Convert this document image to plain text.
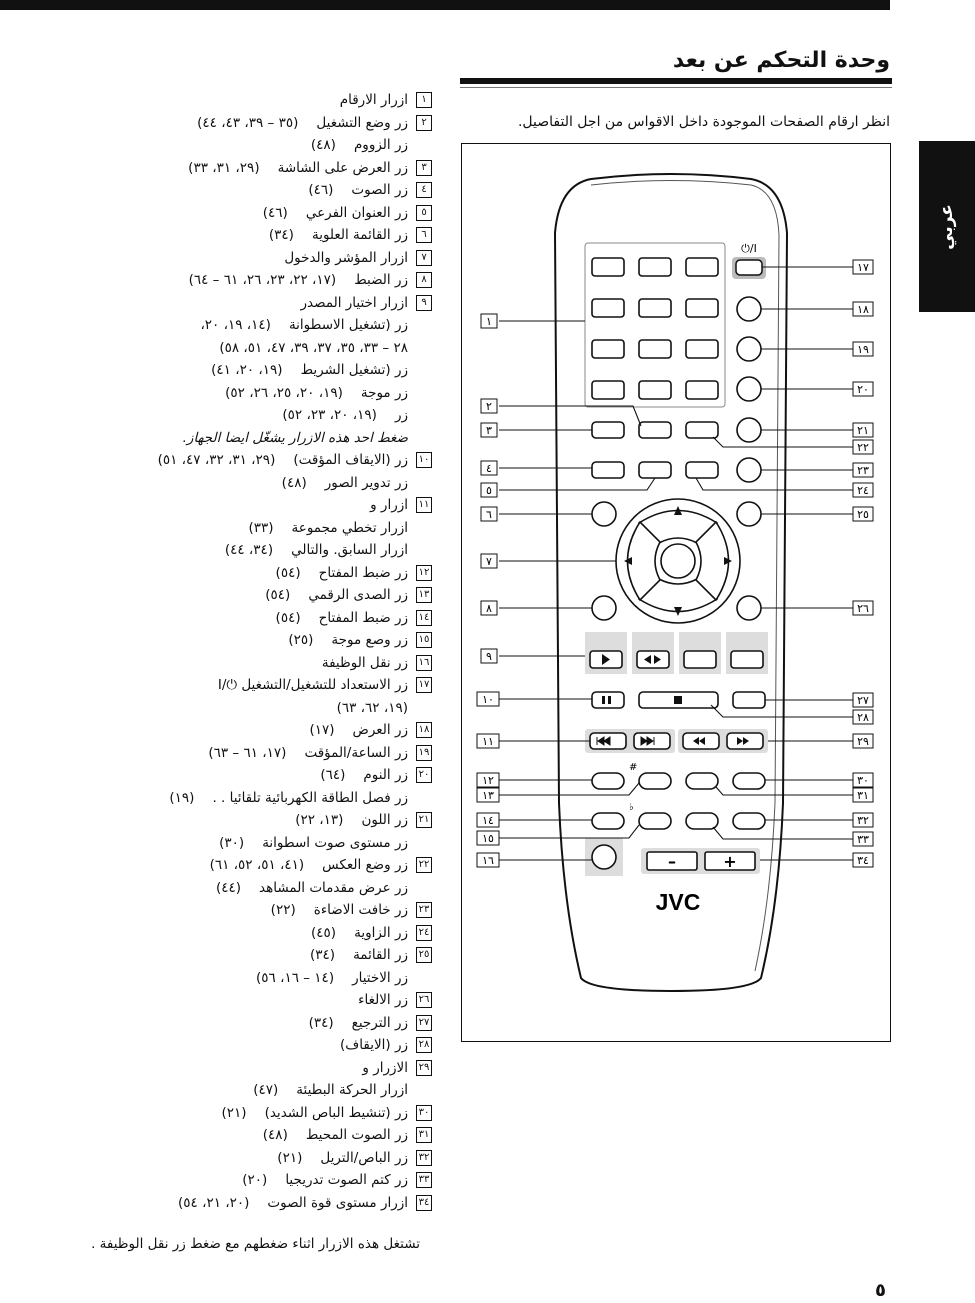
وحدة التحكم عن بعد
انظر ارقام الصفحات الموجودة داخل الاقواس من اجل التفاصيل.
عربي
١
ازرار الارقام
٢
زر وضع التشغيل
(٣٥ – ٣٩، ٤٣، ٤٤)
زر الزووم
(٤٨)
٣
زر العرض على الشاشة
(٢٩، ٣١، ٣٣)
٤
زر الصوت
(٤٦)
٥
زر العنوان الفرعي
(٤٦)
٦
زر القائمة العلوية
(٣٤)
٧
ازرار المؤشر والدخول
٨
زر الضبط
(١٧، ٢٢، ٢٣، ٢٦، ٦١ – ٦٤)
٩
ازرار اختيار المصدر
زر (تشغيل الاسطوانة
(١٤، ١٩، ٢٠،
٢٨ – ٣٣، ٣٥، ٣٧، ٣٩، ٤٧، ٥١، ٥٨)
زر (تشغيل الشريط
(١٩، ٢٠، ٤١)
زر موجة
(١٩، ٢٠، ٢٥، ٢٦، ٥٢)
زر
(١٩، ٢٠، ٢٣، ٥٢)
ضغط احد هذه الازرار يشغّل ايضا الجهاز.
١٠
زر (الايقاف المؤقت)
(٢٩، ٣١، ٣٢، ٤٧، ٥١)
زر تدوير الصور
(٤٨)
١١
ازرار و
ازرار تخطي مجموعة
(٣٣)
ازرار السابق. والتالي
(٣٤، ٤٤)
١٢
زر ضبط المفتاح
(٥٤)
١٣
زر الصدى الرقمي
(٥٤)
١٤
زر ضبط المفتاح
(٥٤)
١٥
زر وصع موجة
(٢٥)
١٦
زر نقل الوظيفة
١٧
زر الاستعداد للتشغيل/التشغيل ⏻/I
(١٩، ٦٢، ٦٣)
١٨
زر العرض
(١٧)
١٩
زر الساعة/المؤقت
(١٧، ٦١ – ٦٣)
٢٠
زر النوم
(٦٤)
زر فصل الطاقة الكهربائية تلقائيا . .
(١٩)
٢١
زر اللون
(١٣، ٢٢)
زر مستوى صوت اسطوانة
(٣٠)
٢٢
زر وضع العكس
(٤١، ٥١، ٥٢، ٦١)
زر عرض مقدمات المشاهد
(٤٤)
٢٣
زر خافت الاضاءة
(٢٢)
٢٤
زر الزاوية
(٤٥)
٢٥
زر القائمة
(٣٤)
زر الاختيار
(١٤ – ١٦، ٥٦)
٢٦
زر الالغاء
٢٧
زر الترجيع
(٣٤)
٢٨
زر (الايقاف)
٢٩
الازرار و
ازرار الحركة البطيئة
(٤٧)
٣٠
زر (تنشيط الباص الشديد)
(٢١)
٣١
زر الصوت المحيط
(٤٨)
٣٢
زر الباص/التريل
(٢١)
٣٣
زر كتم الصوت تدريجيا
(٢٠)
٣٤
ازرار مستوى قوة الصوت
(٢٠، ٢١، ٥٤)
تشتغل هذه الازرار اثناء ضغطهم مع ضغط زر نقل الوظيفة .
٥
⏻/I
#
♭
–	+
JVC
١
٢
٣
٤
٥
٦
٧
٨
٩
١٠
١١
١٢
١٣
١٤
١٥
١٦
١٧
١٨
١٩
٢٠
٢١
٢٢
٢٣
٢٤
٢٥
٢٦
٢٧
٢٨
٢٩
٣٠
٣١
٣٢
٣٣
٣٤
